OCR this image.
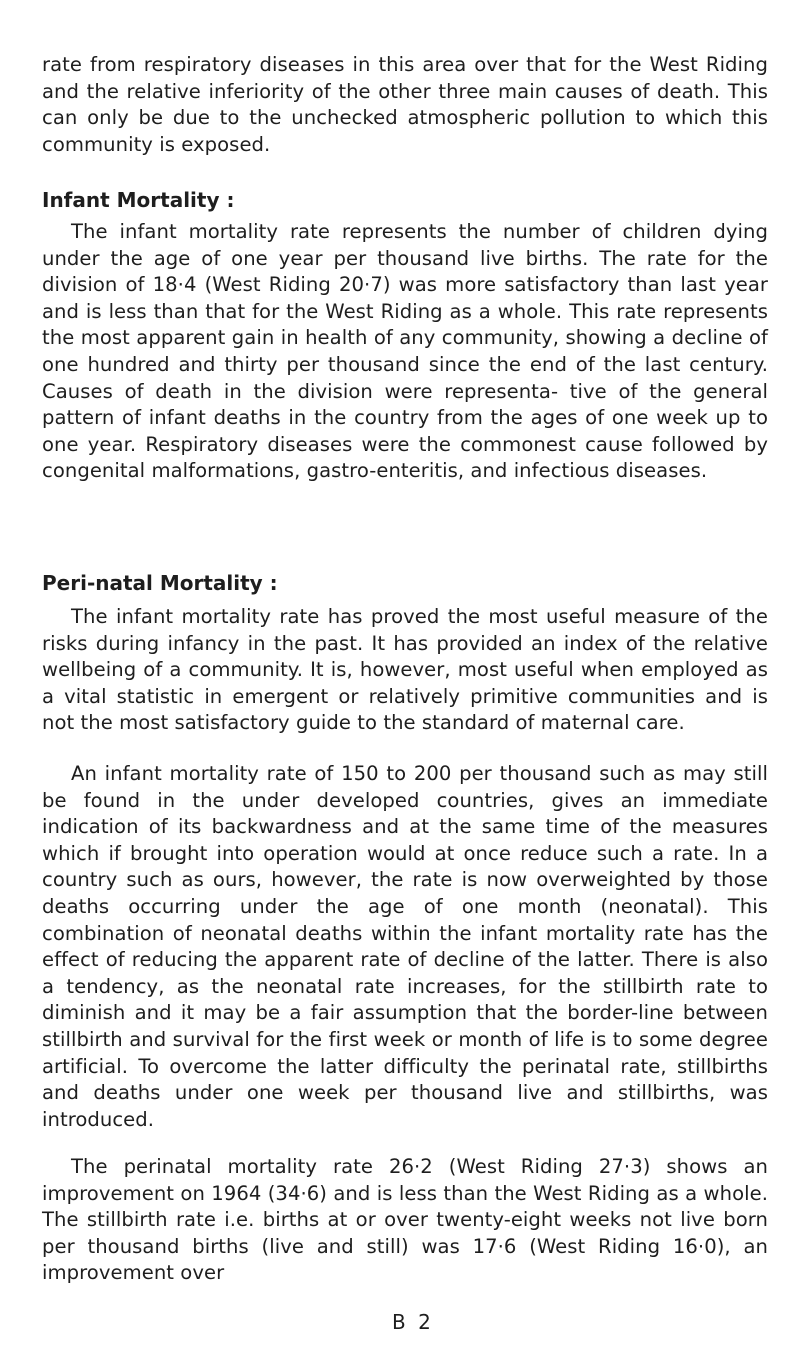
rate from respiratory diseases in this area over that for the West Riding and the relative inferiority of the other three main causes of death. This can only be due to the unchecked atmospheric pollution to which this community is exposed.

Infant Mortality :

The infant mortality rate represents the number of children dying under the age of one year per thousand live births. The rate for the division of 18·4 (West Riding 20·7) was more satisfactory than last year and is less than that for the West Riding as a whole. This rate represents the most apparent gain in health of any community, showing a decline of one hundred and thirty per thousand since the end of the last century. Causes of death in the division were representa- tive of the general pattern of infant deaths in the country from the ages of one week up to one year. Respiratory diseases were the commonest cause followed by congenital malformations, gastro-enteritis, and infectious diseases.

Peri-natal Mortality :

The infant mortality rate has proved the most useful measure of the risks during infancy in the past. It has provided an index of the relative wellbeing of a community. It is, however, most useful when employed as a vital statistic in emergent or relatively primitive communities and is not the most satisfactory guide to the standard of maternal care.

An infant mortality rate of 150 to 200 per thousand such as may still be found in the under developed countries, gives an immediate indication of its backwardness and at the same time of the measures which if brought into operation would at once reduce such a rate. In a country such as ours, however, the rate is now overweighted by those deaths occurring under the age of one month (neonatal). This combination of neonatal deaths within the infant mortality rate has the effect of reducing the apparent rate of decline of the latter. There is also a tendency, as the neonatal rate increases, for the stillbirth rate to diminish and it may be a fair assumption that the border-line between stillbirth and survival for the first week or month of life is to some degree artificial. To overcome the latter difficulty the perinatal rate, stillbirths and deaths under one week per thousand live and stillbirths, was introduced.

The perinatal mortality rate 26·2 (West Riding 27·3) shows an improvement on 1964 (34·6) and is less than the West Riding as a whole. The stillbirth rate i.e. births at or over twenty-eight weeks not live born per thousand births (live and still) was 17·6 (West Riding 16·0), an improvement over

B 2
